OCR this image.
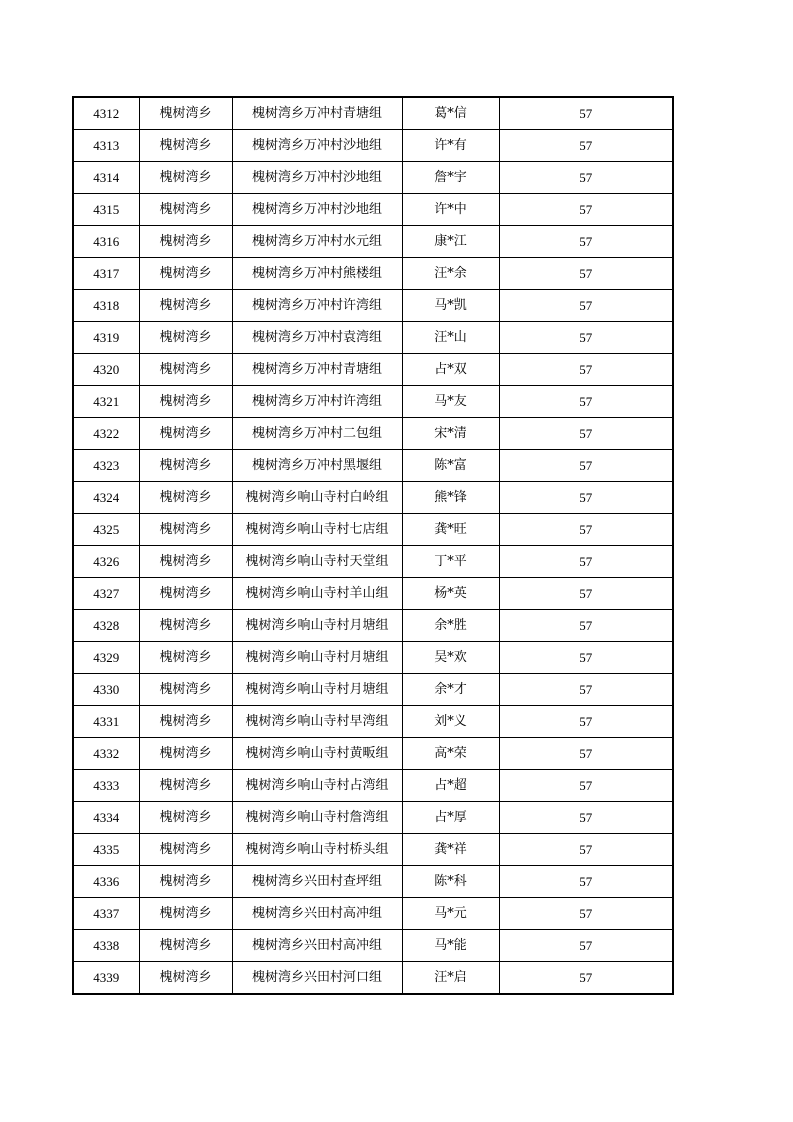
4312	槐树湾乡	槐树湾乡万冲村青塘组	葛*信	57
4313	槐树湾乡	槐树湾乡万冲村沙地组	许*有	57
4314	槐树湾乡	槐树湾乡万冲村沙地组	詹*宇	57
4315	槐树湾乡	槐树湾乡万冲村沙地组	许*中	57
4316	槐树湾乡	槐树湾乡万冲村水元组	康*江	57
4317	槐树湾乡	槐树湾乡万冲村熊楼组	汪*余	57
4318	槐树湾乡	槐树湾乡万冲村许湾组	马*凯	57
4319	槐树湾乡	槐树湾乡万冲村袁湾组	汪*山	57
4320	槐树湾乡	槐树湾乡万冲村青塘组	占*双	57
4321	槐树湾乡	槐树湾乡万冲村许湾组	马*友	57
4322	槐树湾乡	槐树湾乡万冲村二包组	宋*清	57
4323	槐树湾乡	槐树湾乡万冲村黑堰组	陈*富	57
4324	槐树湾乡	槐树湾乡响山寺村白岭组	熊*锋	57
4325	槐树湾乡	槐树湾乡响山寺村七店组	龚*旺	57
4326	槐树湾乡	槐树湾乡响山寺村天堂组	丁*平	57
4327	槐树湾乡	槐树湾乡响山寺村羊山组	杨*英	57
4328	槐树湾乡	槐树湾乡响山寺村月塘组	余*胜	57
4329	槐树湾乡	槐树湾乡响山寺村月塘组	吴*欢	57
4330	槐树湾乡	槐树湾乡响山寺村月塘组	余*才	57
4331	槐树湾乡	槐树湾乡响山寺村早湾组	刘*义	57
4332	槐树湾乡	槐树湾乡响山寺村黄畈组	高*荣	57
4333	槐树湾乡	槐树湾乡响山寺村占湾组	占*超	57
4334	槐树湾乡	槐树湾乡响山寺村詹湾组	占*厚	57
4335	槐树湾乡	槐树湾乡响山寺村桥头组	龚*祥	57
4336	槐树湾乡	槐树湾乡兴田村查坪组	陈*科	57
4337	槐树湾乡	槐树湾乡兴田村高冲组	马*元	57
4338	槐树湾乡	槐树湾乡兴田村高冲组	马*能	57
4339	槐树湾乡	槐树湾乡兴田村河口组	汪*启	57
